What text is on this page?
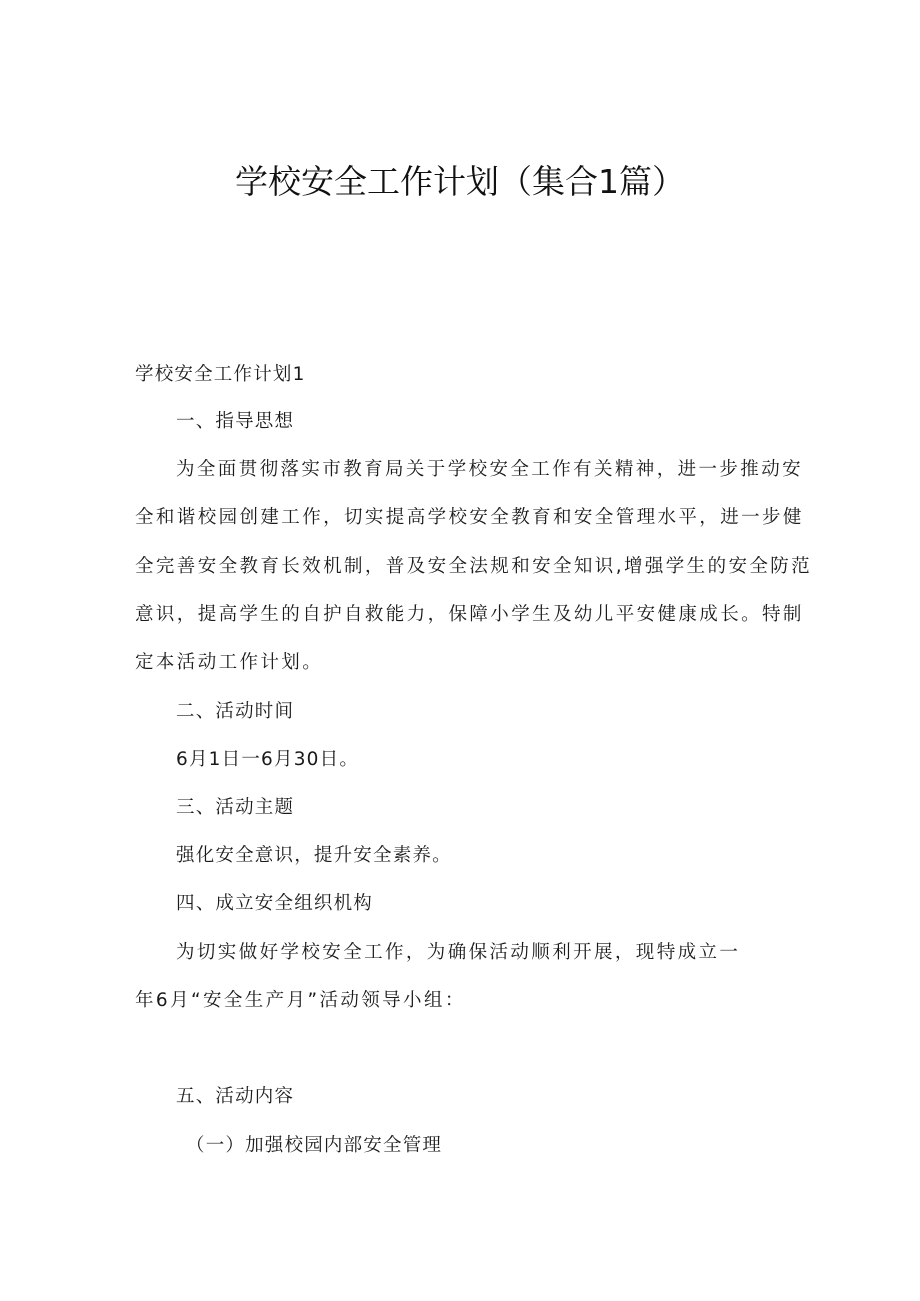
学校安全工作计划（集合1篇）
学校安全工作计划1
一、指导思想
为全面贯彻落实市教育局关于学校安全工作有关精神，进一步推动安
全和谐校园创建工作，切实提高学校安全教育和安全管理水平，进一步健
全完善安全教育长效机制，普及安全法规和安全知识,增强学生的安全防范
意识，提高学生的自护自救能力，保障小学生及幼儿平安健康成长。特制
定本活动工作计划。
二、活动时间
6月1日一6月30日。
三、活动主题
强化安全意识，提升安全素养。
四、成立安全组织机构
为切实做好学校安全工作，为确保活动顺利开展，现特成立一
年6月“安全生产月”活动领导小组：
五、活动内容
（一）加强校园内部安全管理
